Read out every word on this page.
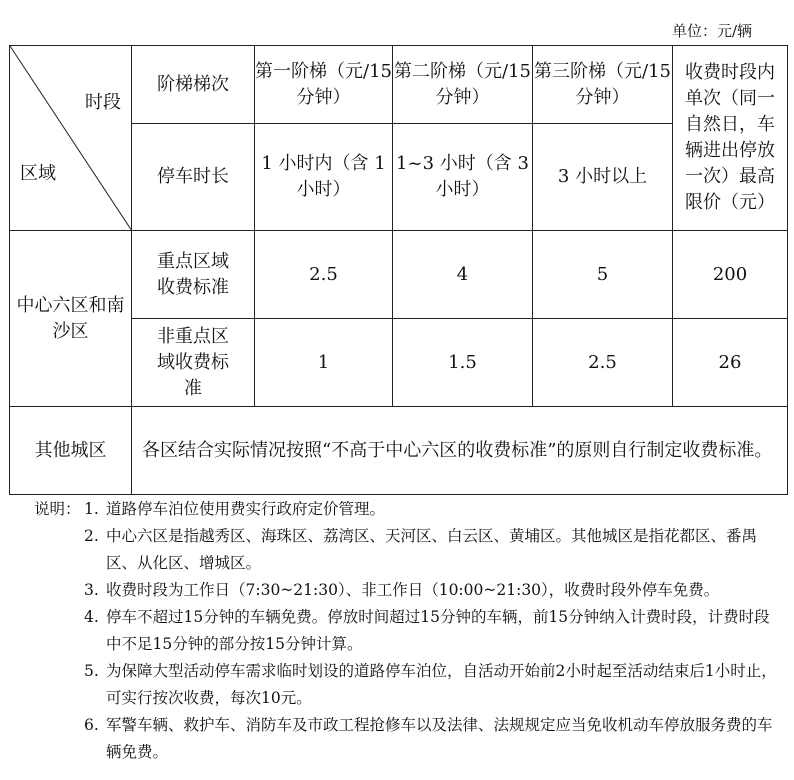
单位：元/辆
时段
区域	阶梯梯次	第一阶梯（元/15 分钟）	第二阶梯（元/15 分钟）	第三阶梯（元/15 分钟）	收费时段内单次（同一自然日，车辆进出停放一次）最高限价（元）
	停车时长	1 小时内（含 1 小时）	1~3 小时（含 3 小时）	3 小时以上	
中心六区和南沙区	重点区域收费标准	2.5	4	5	200
	非重点区域收费标准	1	1.5	2.5	26
其他城区	各区结合实际情况按照“不高于中心六区的收费标准”的原则自行制定收费标准。				
说明： 1. 道路停车泊位使用费实行政府定价管理。
2. 中心六区是指越秀区、海珠区、荔湾区、天河区、白云区、黄埔区。其他城区是指花都区、番禺区、从化区、增城区。
3. 收费时段为工作日（7:30~21:30）、非工作日（10:00~21:30），收费时段外停车免费。
4. 停车不超过15分钟的车辆免费。停放时间超过15分钟的车辆，前15分钟纳入计费时段，计费时段中不足15分钟的部分按15分钟计算。
5. 为保障大型活动停车需求临时划设的道路停车泊位，自活动开始前2小时起至活动结束后1小时止，可实行按次收费，每次10元。
6. 军警车辆、救护车、消防车及市政工程抢修车以及法律、法规规定应当免收机动车停放服务费的车辆免费。
